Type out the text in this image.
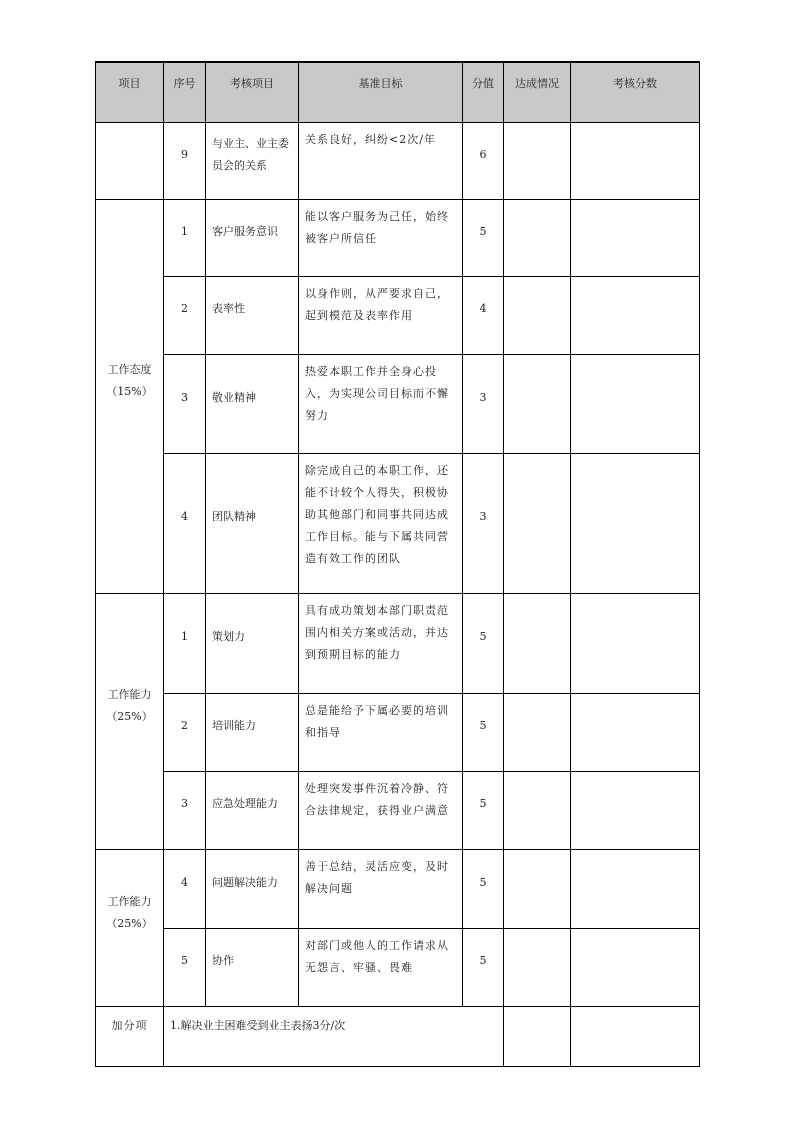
项目	序号	考核项目	基准目标	分值	达成情况	考核分数
	9	与业主、业主委员会的关系	关系良好，纠纷<2次/年	6		

工作态度
（15%）	1	客户服务意识	能以客户服务为己任，始终被客户所信任	5		
	2	表率性	以身作则，从严要求自己，起到模范及表率作用	4		
	3	敬业精神	热爱本职工作并全身心投入，为实现公司目标而不懈努力	3		
	4	团队精神	除完成自己的本职工作，还能不计较个人得失，积极协助其他部门和同事共同达成工作目标。能与下属共同营造有效工作的团队	3		

工作能力
（25%）	1	策划力	具有成功策划本部门职责范围内相关方案或活动，并达到预期目标的能力	5		
	2	培训能力	总是能给予下属必要的培训和指导	5		
	3	应急处理能力	处理突发事件沉着冷静、符合法律规定，获得业户满意	5		

工作能力
（25%）	4	问题解决能力	善于总结，灵活应变，及时解决问题	5		
	5	协作	对部门或他人的工作请求从无怨言、牢骚、畏难	5		
加分项	1.解决业主困难受到业主表扬3分/次					
